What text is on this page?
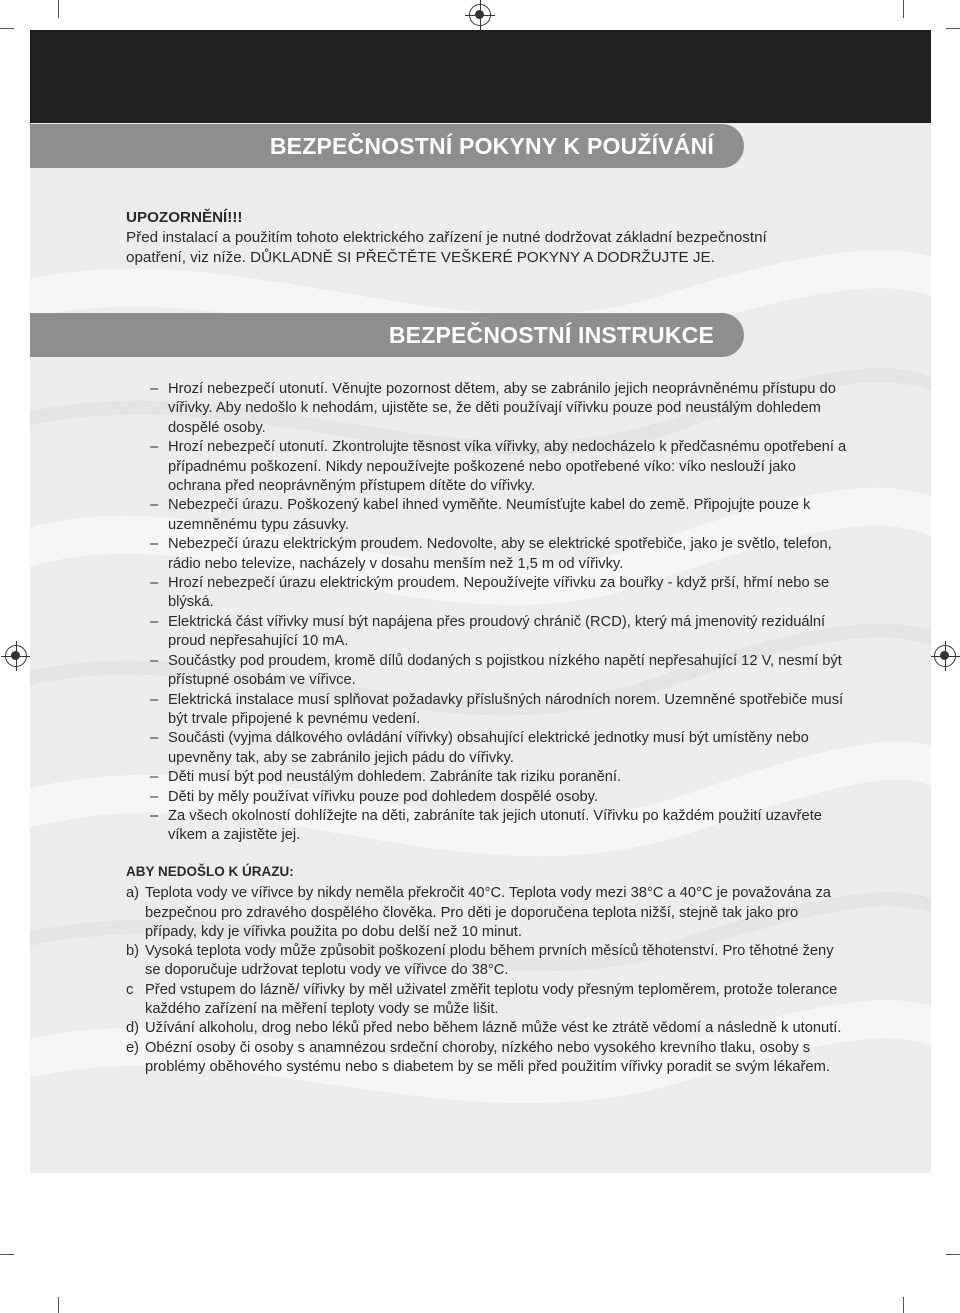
BEZPEČNOSTNÍ POKYNY K POUŽÍVÁNÍ
BEZPEČNOSTNÍ INSTRUKCE
UPOZORNĚNÍ!!!
Před instalací a použitím tohoto elektrického zařízení je nutné dodržovat základní bezpečnostní
opatření, viz níže. DŮKLADNĚ SI PŘEČTĚTE VEŠKERÉ POKYNY A DODRŽUJTE JE.
– Hrozí nebezpečí utonutí. Věnujte pozornost dětem, aby se zabránilo jejich neoprávněnému přístupu do vířivky. Aby nedošlo k nehodám, ujistěte se, že děti používají vířivku pouze pod neustálým dohledem dospělé osoby.
– Hrozí nebezpečí utonutí. Zkontrolujte těsnost víka vířivky, aby nedocházelo k předčasnému opotřebení a případnému poškození. Nikdy nepoužívejte poškozené nebo opotřebené víko: víko neslouží jako ochrana před neoprávněným přístupem dítěte do vířivky.
– Nebezpečí úrazu. Poškozený kabel ihned vyměňte. Neumísťujte kabel do země. Připojujte pouze k uzemněnému typu zásuvky.
– Nebezpečí úrazu elektrickým proudem. Nedovolte, aby se elektrické spotřebiče, jako je světlo, telefon, rádio nebo televize, nacházely v dosahu menším než 1,5 m od vířivky.
– Hrozí nebezpečí úrazu elektrickým proudem. Nepoužívejte vířivku za bouřky - když prší, hřmí nebo se blýská.
– Elektrická část vířivky musí být napájena přes proudový chránič (RCD), který má jmenovitý reziduální proud nepřesahující 10 mA.
– Součástky pod proudem, kromě dílů dodaných s pojistkou nízkého napětí nepřesahující 12 V, nesmí být přístupné osobám ve vířivce.
– Elektrická instalace musí splňovat požadavky příslušných národních norem. Uzemněné spotřebiče musí být trvale připojené k pevnému vedení.
– Součásti (vyjma dálkového ovládání vířivky) obsahující elektrické jednotky musí být umístěny nebo upevněny tak, aby se zabránilo jejich pádu do vířivky.
– Děti musí být pod neustálým dohledem. Zabráníte tak riziku poranění.
– Děti by měly používat vířivku pouze pod dohledem dospělé osoby.
– Za všech okolností dohlížejte na děti, zabráníte tak jejich utonutí. Vířivku po každém použití uzavřete víkem a zajistěte jej.
ABY NEDOŠLO K ÚRAZU:
a) Teplota vody ve vířivce by nikdy neměla překročit 40°C. Teplota vody mezi 38°C a 40°C je považována za bezpečnou pro zdravého dospělého člověka. Pro děti je doporučena teplota nižší, stejně tak jako pro případy, kdy je vířivka použita po dobu delší než 10 minut.
b) Vysoká teplota vody může způsobit poškození plodu během prvních měsíců těhotenství. Pro těhotné ženy se doporučuje udržovat teplotu vody ve vířivce do 38°C.
c Před vstupem do lázně/ vířivky by měl uživatel změřit teplotu vody přesným teploměrem, protože tolerance každého zařízení na měření teploty vody se může lišit.
d) Užívání alkoholu, drog nebo léků před nebo během lázně může vést ke ztrátě vědomí a následně k utonutí.
e) Obézní osoby či osoby s anamnézou srdeční choroby, nízkého nebo vysokého krevního tlaku, osoby s problémy oběhového systému nebo s diabetem by se měli před použitím vířivky poradit se svým lékařem.
